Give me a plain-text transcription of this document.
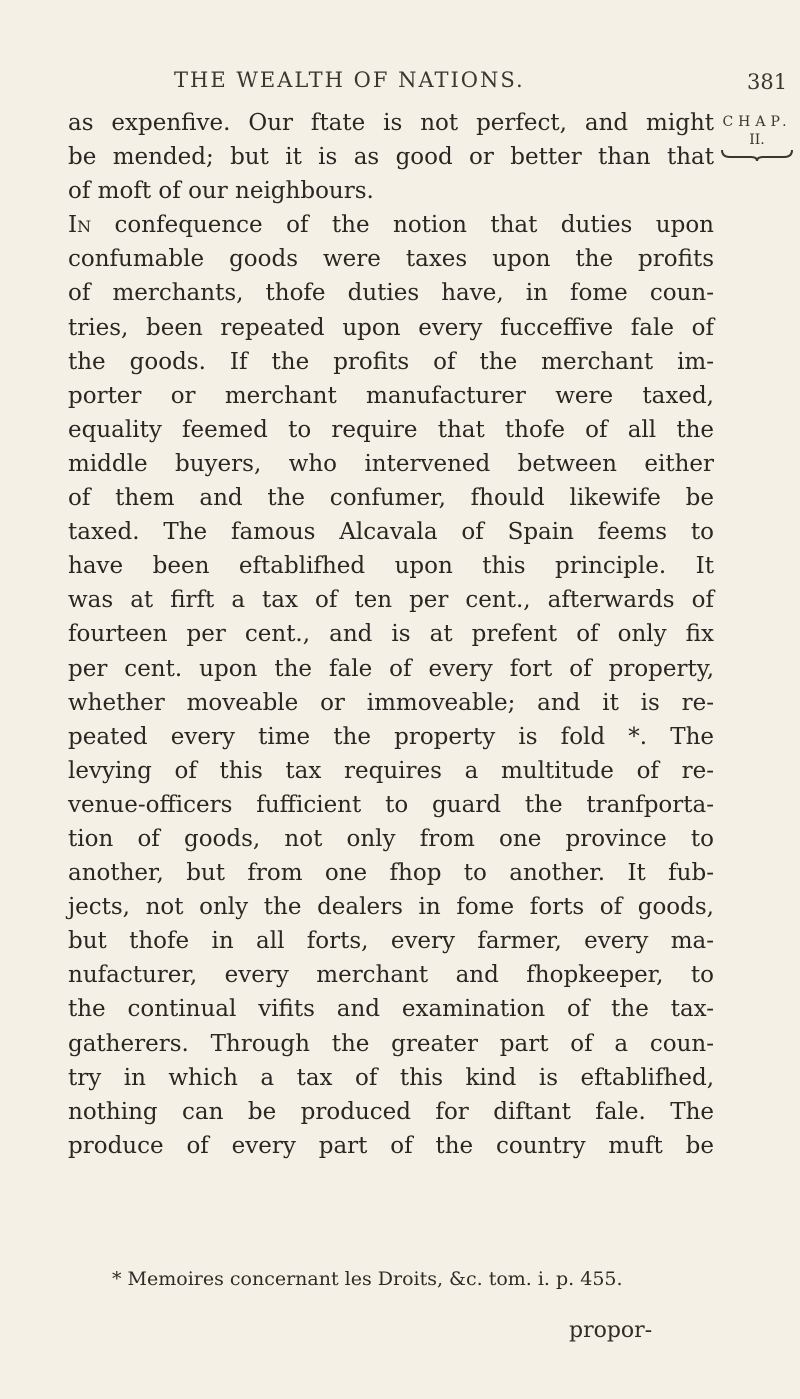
THE WEALTH OF NATIONS.	381
CHAP.
II.
as expenfive. Our ftate is not perfect, and might
be mended; but it is as good or better than that
of moft of our neighbours.
In confequence of the notion that duties upon
confumable goods were taxes upon the profits
of merchants, thofe duties have, in fome coun-
tries, been repeated upon every fucceffive fale of
the goods. If the profits of the merchant im-
porter or merchant manufacturer were taxed,
equality feemed to require that thofe of all the
middle buyers, who intervened between either
of them and the confumer, fhould likewife be
taxed. The famous Alcavala of Spain feems to
have been eftablifhed upon this principle. It
was at firft a tax of ten per cent., afterwards of
fourteen per cent., and is at prefent of only fix
per cent. upon the fale of every fort of property,
whether moveable or immoveable; and it is re-
peated every time the property is fold *. The
levying of this tax requires a multitude of re-
venue-officers fufficient to guard the tranfporta-
tion of goods, not only from one province to
another, but from one fhop to another. It fub-
jects, not only the dealers in fome forts of goods,
but thofe in all forts, every farmer, every ma-
nufacturer, every merchant and fhopkeeper, to
the continual vifits and examination of the tax-
gatherers. Through the greater part of a coun-
try in which a tax of this kind is eftablifhed,
nothing can be produced for diftant fale. The
produce of every part of the country muft be
* Memoires concernant les Droits, &c. tom. i. p. 455.
propor-
